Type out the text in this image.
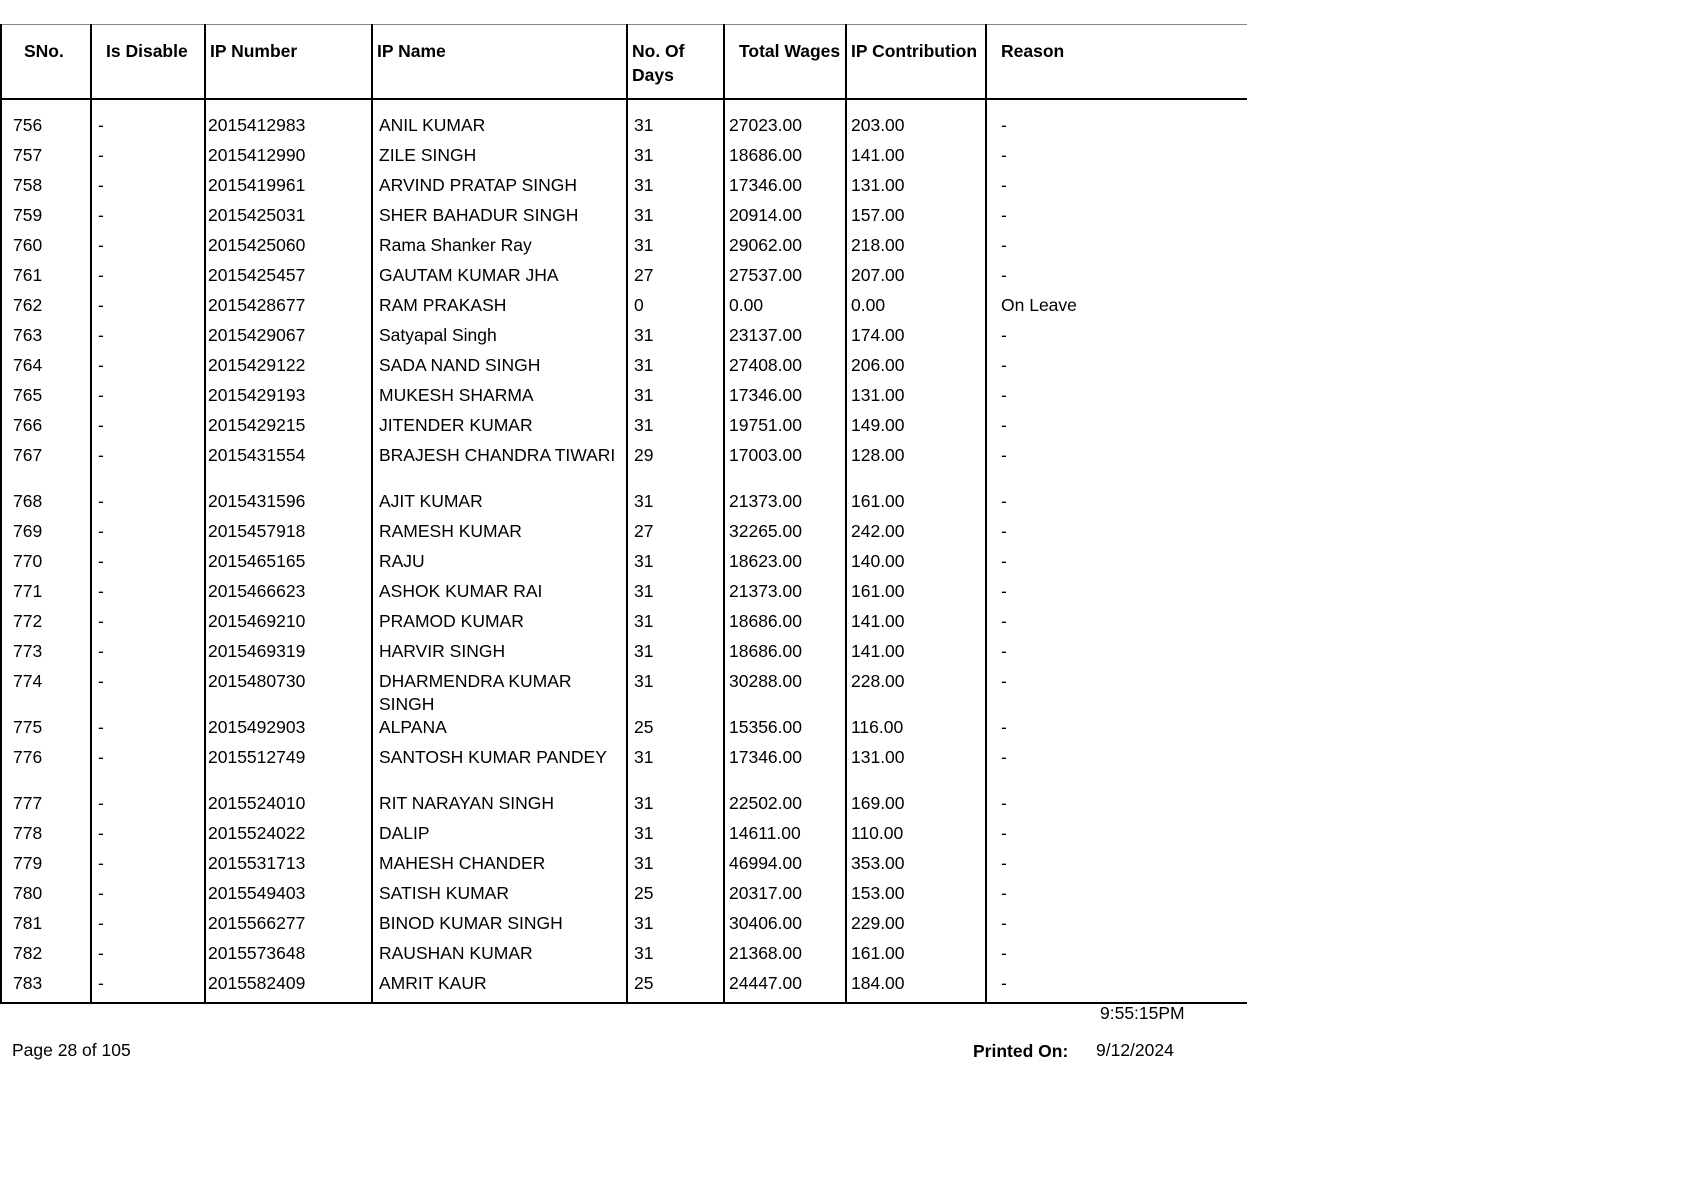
SNo.	Is Disable	IP Number	IP Name	No. Of Days	Total Wages	IP Contribution	Reason

756	-	2015412983	ANIL KUMAR	31	27023.00	203.00	-
757	-	2015412990	ZILE SINGH	31	18686.00	141.00	-
758	-	2015419961	ARVIND PRATAP SINGH	31	17346.00	131.00	-
759	-	2015425031	SHER BAHADUR SINGH	31	20914.00	157.00	-
760	-	2015425060	Rama Shanker Ray	31	29062.00	218.00	-
761	-	2015425457	GAUTAM KUMAR JHA	27	27537.00	207.00	-
762	-	2015428677	RAM PRAKASH	0	0.00	0.00	On Leave
763	-	2015429067	Satyapal Singh	31	23137.00	174.00	-
764	-	2015429122	SADA NAND SINGH	31	27408.00	206.00	-
765	-	2015429193	MUKESH SHARMA	31	17346.00	131.00	-
766	-	2015429215	JITENDER KUMAR	31	19751.00	149.00	-
767	-	2015431554	BRAJESH CHANDRA TIWARI	29	17003.00	128.00	-
768	-	2015431596	AJIT KUMAR	31	21373.00	161.00	-
769	-	2015457918	RAMESH KUMAR	27	32265.00	242.00	-
770	-	2015465165	RAJU	31	18623.00	140.00	-
771	-	2015466623	ASHOK KUMAR RAI	31	21373.00	161.00	-
772	-	2015469210	PRAMOD KUMAR	31	18686.00	141.00	-
773	-	2015469319	HARVIR SINGH	31	18686.00	141.00	-
774	-	2015480730	DHARMENDRA KUMAR SINGH	31	30288.00	228.00	-
775	-	2015492903	ALPANA	25	15356.00	116.00	-
776	-	2015512749	SANTOSH KUMAR PANDEY	31	17346.00	131.00	-
777	-	2015524010	RIT NARAYAN SINGH	31	22502.00	169.00	-
778	-	2015524022	DALIP	31	14611.00	110.00	-
779	-	2015531713	MAHESH CHANDER	31	46994.00	353.00	-
780	-	2015549403	SATISH KUMAR	25	20317.00	153.00	-
781	-	2015566277	BINOD KUMAR SINGH	31	30406.00	229.00	-
782	-	2015573648	RAUSHAN KUMAR	31	21368.00	161.00	-
783	-	2015582409	AMRIT KAUR	25	24447.00	184.00	-
9:55:15PM
Page 28 of 105	Printed On: 9/12/2024
